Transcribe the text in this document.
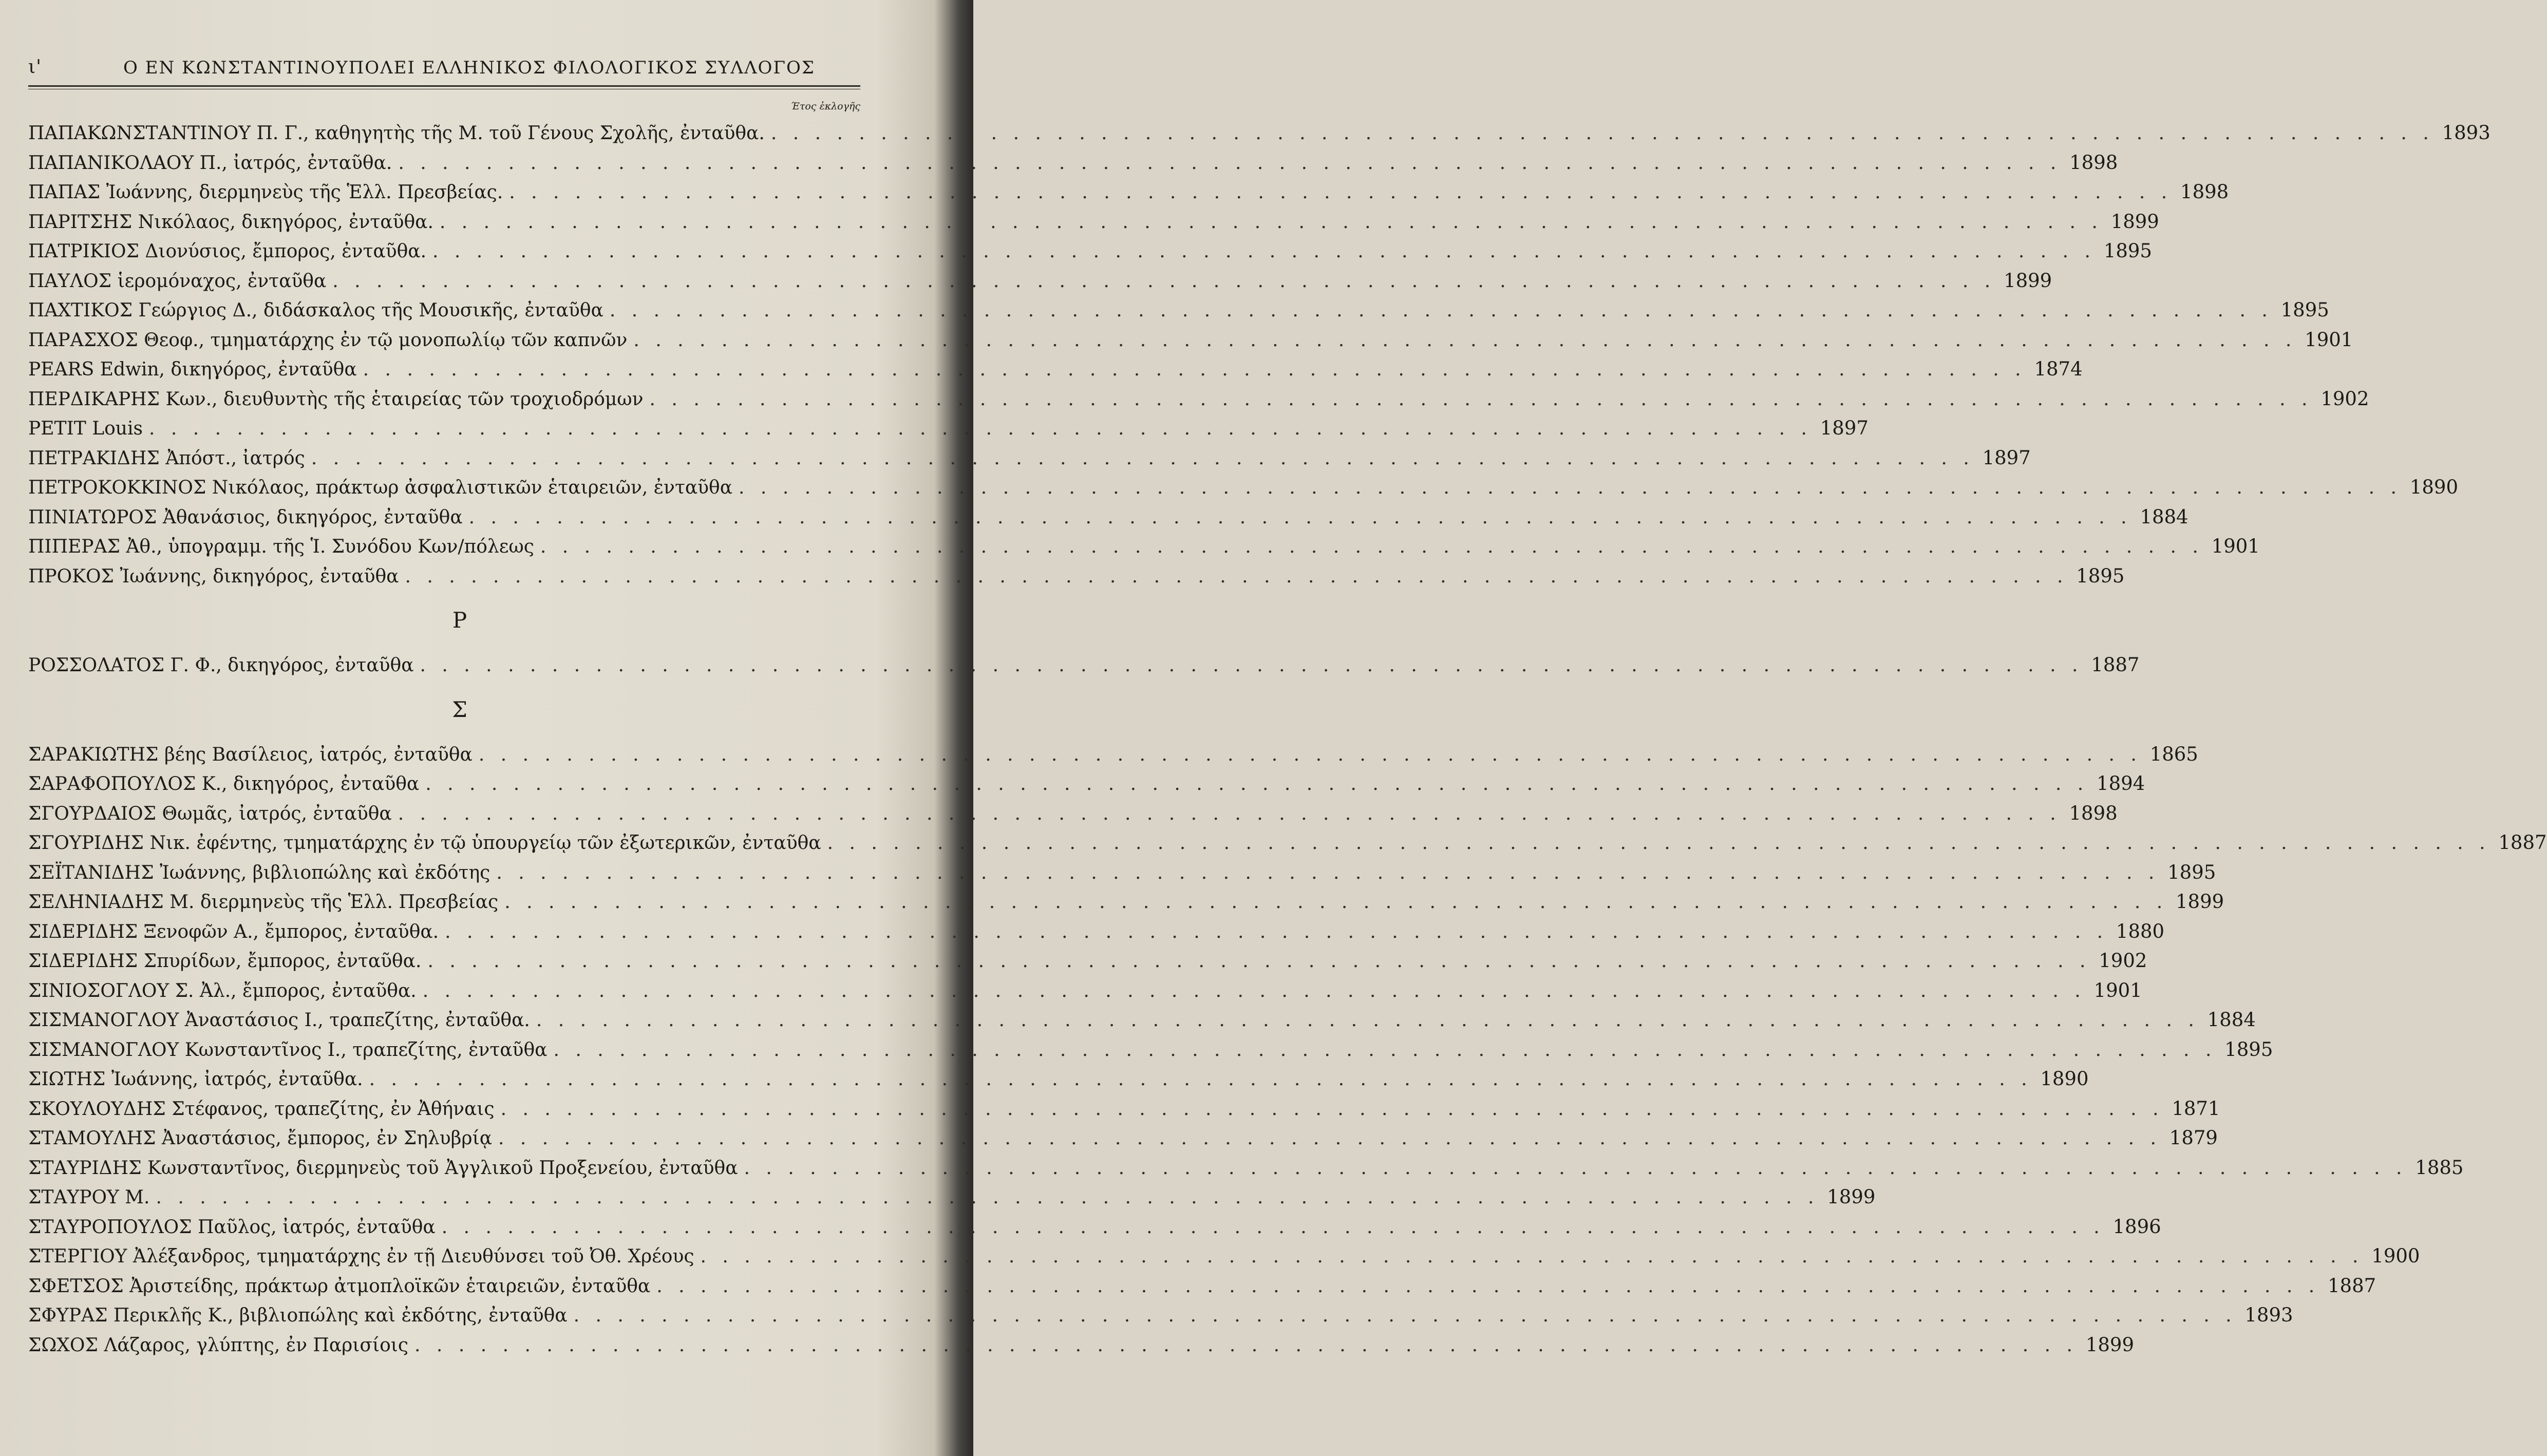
ι'	Ο ΕΝ ΚΩΝΣΤΑΝΤΙΝΟΥΠΟΛΕΙ ΕΛΛΗΝΙΚΟΣ ΦΙΛΟΛΟΓΙΚΟΣ ΣΥΛΛΟΓΟΣ
Έτος ἐκλογῆς
ΠΑΠΑΚΩΝΣΤΑΝΤΙΝΟΥ Π. Γ., καθηγητὴς τῆς Μ. τοῦ Γένους Σχολῆς, ἐνταῦθα. . . .	1893
ΠΑΠΑΝΙΚΟΛΑΟΥ Π., ἰατρός, ἐνταῦθα. . . .	1898
ΠΑΠΑΣ Ἰωάννης, διερμηνεὺς τῆς Ἑλλ. Πρεσβείας. . . .	1898
ΠΑΡΙΤΣΗΣ Νικόλαος, δικηγόρος, ἐνταῦθα. . . .	1899
ΠΑΤΡΙΚΙΟΣ Διονύσιος, ἔμπορος, ἐνταῦθα. . . .	1895
ΠΑΥΛΟΣ ἱερομόναχος, ἐνταῦθα . . .	1899
ΠΑΧΤΙΚΟΣ Γεώργιος Δ., διδάσκαλος τῆς Μουσικῆς, ἐνταῦθα . . .	1895
ΠΑΡΑΣΧΟΣ Θεοφ., τμηματάρχης ἐν τῷ μονοπωλίῳ τῶν καπνῶν . . .	1901
PEARS Edwin, δικηγόρος, ἐνταῦθα . . .	1874
ΠΕΡΔΙΚΑΡΗΣ Κων., διευθυντὴς τῆς ἑταιρείας τῶν τροχιοδρόμων . . .	1902
PETIT Louis . . .	1897
ΠΕΤΡΑΚΙΔΗΣ Ἀπόστ., ἰατρός . . .	1897
ΠΕΤΡΟΚΟΚΚΙΝΟΣ Νικόλαος, πράκτωρ ἀσφαλιστικῶν ἑταιρειῶν, ἐνταῦθα . . .	1890
ΠΙΝΙΑΤΩΡΟΣ Ἀθανάσιος, δικηγόρος, ἐνταῦθα . . .	1884
ΠΙΠΕΡΑΣ Ἀθ., ὑπογραμμ. τῆς Ἱ. Συνόδου Κων/πόλεως . . .	1901
ΠΡΟΚΟΣ Ἰωάννης, δικηγόρος, ἐνταῦθα . . .	1895
Ρ
ΡΟΣΣΟΛΑΤΟΣ Γ. Φ., δικηγόρος, ἐνταῦθα . . .	1887
Σ
ΣΑΡΑΚΙΩΤΗΣ βέης Βασίλειος, ἰατρός, ἐνταῦθα . . .	1865
ΣΑΡΑΦΟΠΟΥΛΟΣ Κ., δικηγόρος, ἐνταῦθα . . .	1894
ΣΓΟΥΡΔΑΙΟΣ Θωμᾶς, ἰατρός, ἐνταῦθα . . .	1898
ΣΓΟΥΡΙΔΗΣ Νικ. ἐφέντης, τμηματάρχης ἐν τῷ ὑπουργείῳ τῶν ἐξωτερικῶν, ἐνταῦθα . . .	1887
ΣΕΪΤΑΝΙΔΗΣ Ἰωάννης, βιβλιοπώλης καὶ ἐκδότης . . .	1895
ΣΕΛΗΝΙΑΔΗΣ Μ. διερμηνεὺς τῆς Ἑλλ. Πρεσβείας . . .	1899
ΣΙΔΕΡΙΔΗΣ Ξενοφῶν Α., ἔμπορος, ἐνταῦθα. . . .	1880
ΣΙΔΕΡΙΔΗΣ Σπυρίδων, ἔμπορος, ἐνταῦθα. . . .	1902
ΣΙΝΙΟΣΟΓΛΟΥ Σ. Ἀλ., ἔμπορος, ἐνταῦθα. . . .	1901
ΣΙΣΜΑΝΟΓΛΟΥ Ἀναστάσιος Ι., τραπεζίτης, ἐνταῦθα. . . .	1884
ΣΙΣΜΑΝΟΓΛΟΥ Κωνσταντῖνος Ι., τραπεζίτης, ἐνταῦθα . . .	1895
ΣΙΩΤΗΣ Ἰωάννης, ἰατρός, ἐνταῦθα. . . .	1890
ΣΚΟΥΛΟΥΔΗΣ Στέφανος, τραπεζίτης, ἐν Ἀθήναις . . .	1871
ΣΤΑΜΟΥΛΗΣ Ἀναστάσιος, ἔμπορος, ἐν Σηλυβρίᾳ . . .	1879
ΣΤΑΥΡΙΔΗΣ Κωνσταντῖνος, διερμηνεὺς τοῦ Ἀγγλικοῦ Προξενείου, ἐνταῦθα . . .	1885
ΣΤΑΥΡΟΥ Μ. . . .	1899
ΣΤΑΥΡΟΠΟΥΛΟΣ Παῦλος, ἰατρός, ἐνταῦθα . . .	1896
ΣΤΕΡΓΙΟΥ Ἀλέξανδρος, τμηματάρχης ἐν τῇ Διευθύνσει τοῦ Ὀθ. Χρέους . . .	1900
ΣΦΕΤΣΟΣ Ἀριστείδης, πράκτωρ ἀτμοπλοϊκῶν ἑταιρειῶν, ἐνταῦθα . . .	1887
ΣΦΥΡΑΣ Περικλῆς Κ., βιβλιοπώλης καὶ ἐκδότης, ἐνταῦθα . . .	1893
ΣΩΧΟΣ Λάζαρος, γλύπτης, ἐν Παρισίοις . . .	1899
